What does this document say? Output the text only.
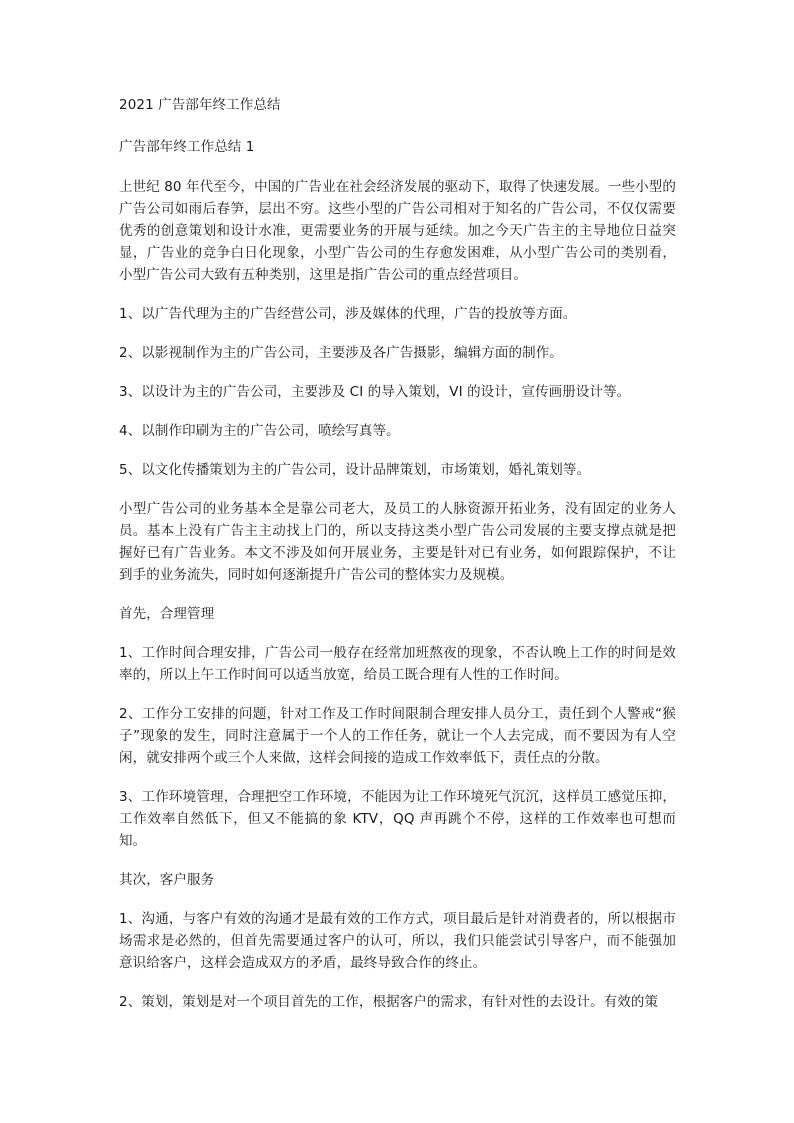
2021 广告部年终工作总结

广告部年终工作总结 1

上世纪 80 年代至今，中国的广告业在社会经济发展的驱动下，取得了快速发展。一些小型的广告公司如雨后春笋，层出不穷。这些小型的广告公司相对于知名的广告公司，不仅仅需要优秀的创意策划和设计水准，更需要业务的开展与延续。加之今天广告主的主导地位日益突显，广告业的竞争白日化现象，小型广告公司的生存愈发困难，从小型广告公司的类别看，小型广告公司大致有五种类别，这里是指广告公司的重点经营项目。

1、以广告代理为主的广告经营公司，涉及媒体的代理，广告的投放等方面。

2、以影视制作为主的广告公司，主要涉及各广告摄影，编辑方面的制作。

3、以设计为主的广告公司，主要涉及 CI 的导入策划，VI 的设计，宣传画册设计等。

4、以制作印刷为主的广告公司，喷绘写真等。

5、以文化传播策划为主的广告公司，设计品牌策划，市场策划，婚礼策划等。

小型广告公司的业务基本全是靠公司老大，及员工的人脉资源开拓业务，没有固定的业务人员。基本上没有广告主主动找上门的，所以支持这类小型广告公司发展的主要支撑点就是把握好已有广告业务。本文不涉及如何开展业务，主要是针对已有业务，如何跟踪保护，不让到手的业务流失，同时如何逐渐提升广告公司的整体实力及规模。

首先，合理管理

1、工作时间合理安排，广告公司一般存在经常加班熬夜的现象，不否认晚上工作的时间是效率的，所以上午工作时间可以适当放宽，给员工既合理有人性的工作时间。

2、工作分工安排的问题，针对工作及工作时间限制合理安排人员分工，责任到个人警戒“猴子”现象的发生，同时注意属于一个人的工作任务，就让一个人去完成，而不要因为有人空闲，就安排两个或三个人来做，这样会间接的造成工作效率低下，责任点的分散。

3、工作环境管理，合理把空工作环境，不能因为让工作环境死气沉沉，这样员工感觉压抑，工作效率自然低下，但又不能搞的象 KTV，QQ 声再跳个不停，这样的工作效率也可想而知。

其次，客户服务

1、沟通，与客户有效的沟通才是最有效的工作方式，项目最后是针对消费者的，所以根据市场需求是必然的，但首先需要通过客户的认可，所以，我们只能尝试引导客户，而不能强加意识给客户，这样会造成双方的矛盾，最终导致合作的终止。

2、策划，策划是对一个项目首先的工作，根据客户的需求，有针对性的去设计。有效的策
